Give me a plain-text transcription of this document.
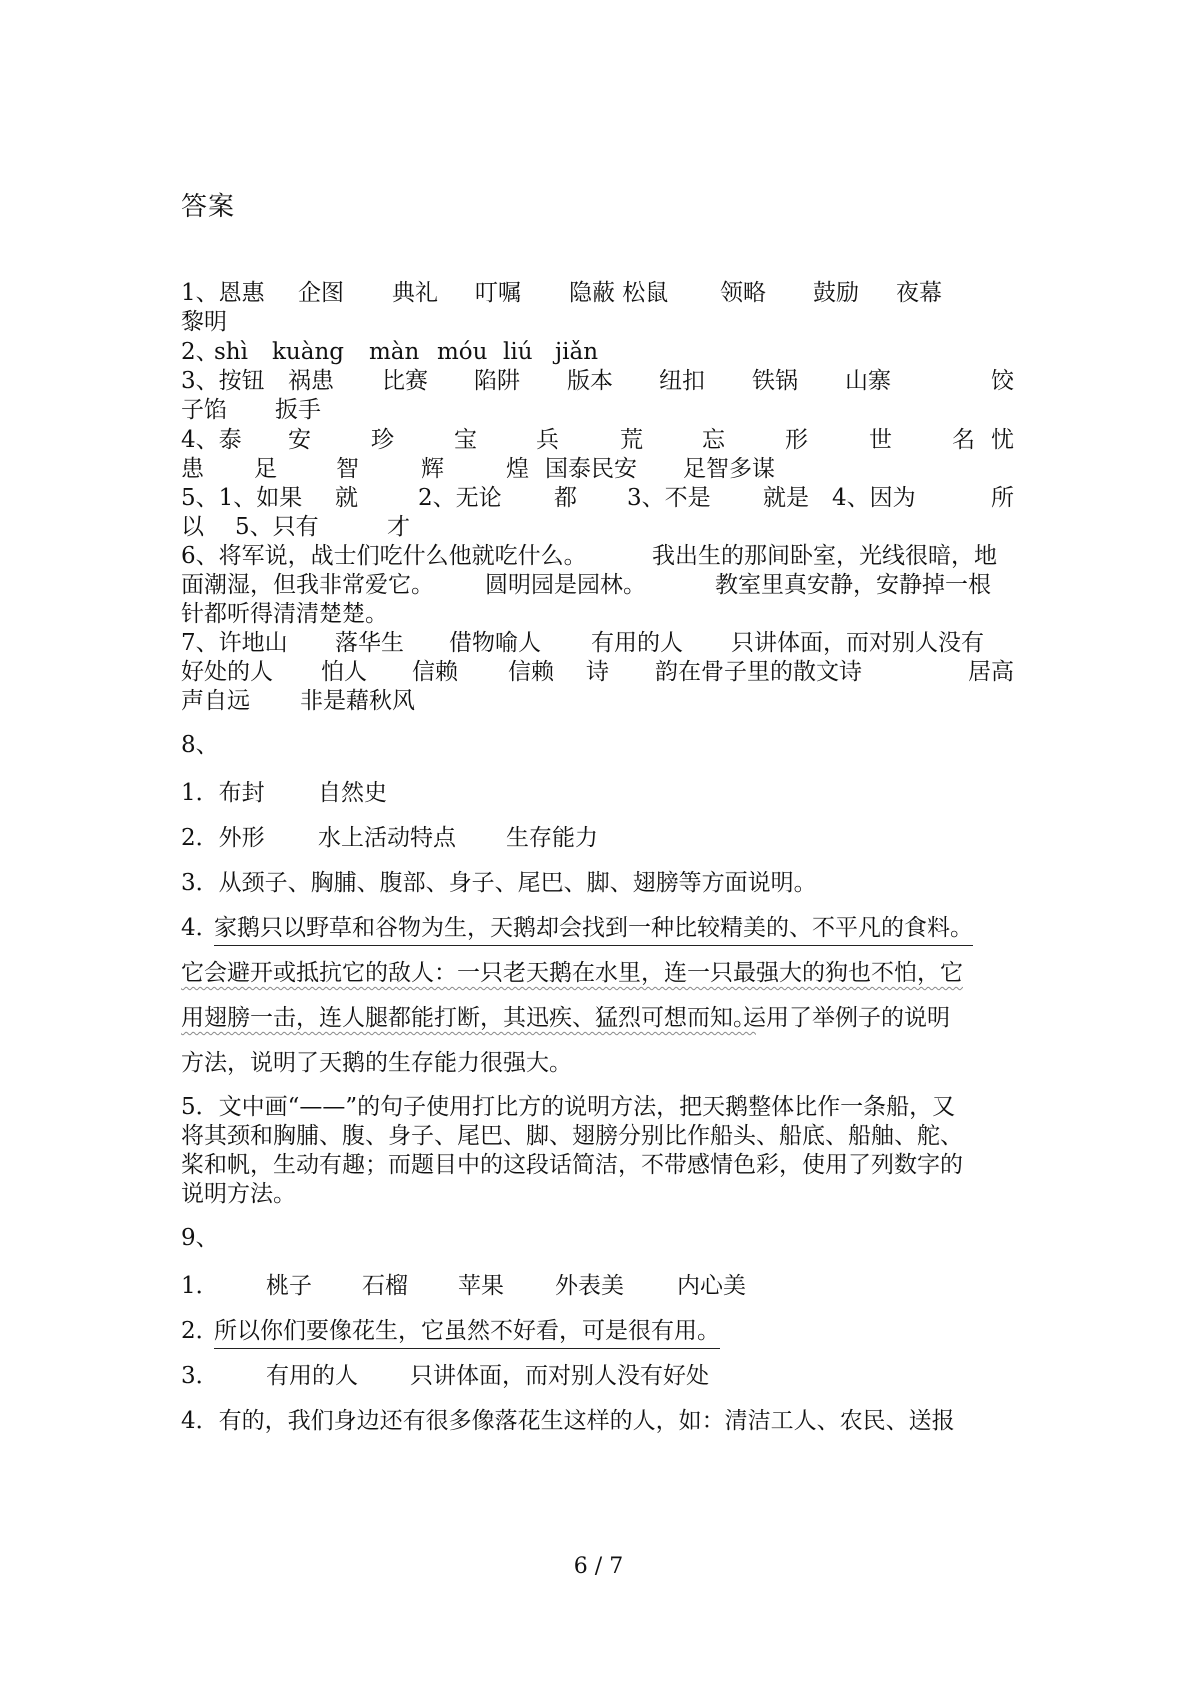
答案
1、恩惠 企图 典礼 叮嘱 隐蔽 松鼠 领略 鼓励 夜幕
黎明
2、
shì kuàng màn móu liú jiǎn
3、按钮 祸患 比赛 陷阱 版本 纽扣 铁锅 山寨	饺
子馅 扳手
4、泰 安	珍	宝	兵	荒	忘	形	世	名 忧
患 足	智	辉	煌 国泰民安 足智多谋
5、1、如果 就	2、无论 都 3、不是 就是 4、因为	所
以 5、只有	才
6、将军说，战士们吃什么他就吃什么。	我出生的那间卧室，光线很暗，地
面潮湿，但我非常爱它。 圆明园是园林。	教室里真安静，安静掉一根
针都听得清清楚楚。
7、许地山 落华生 借物喻人 有用的人 只讲体面，而对别人没有
好处的人 怕人 信赖 信赖 诗 韵在骨子里的散文诗	居高
声自远 非是藉秋风
8、
1．布封 自然史
2．外形 水上活动特点 生存能力
3．从颈子、胸脯、腹部、身子、尾巴、脚、翅膀等方面说明。
4．
家鹅只以野草和谷物为生，天鹅却会找到一种比较精美的、不平凡的食料。
它会避开或抵抗它的敌人：一只老天鹅在水里，连一只最强大的狗也不怕，它
用翅膀一击，连人腿都能打断，其迅疾、猛烈可想而知。
运用了举例子的说明
方法，说明了天鹅的生存能力很强大。
5．文中画“——”的句子使用打比方的说明方法，把天鹅整体比作一条船，又
将其颈和胸脯、腹、身子、尾巴、脚、翅膀分别比作船头、船底、船舳、舵、
桨和帆，生动有趣；而题目中的这段话简洁，不带感情色彩，使用了列数字的
说明方法。
9、
1． 桃子 石榴 苹果 外表美 内心美
2．
所以你们要像花生，它虽然不好看，可是很有用。
3． 有用的人 只讲体面，而对别人没有好处
4．有的，我们身边还有很多像落花生这样的人，如：清洁工人、农民、送报
6 / 7
